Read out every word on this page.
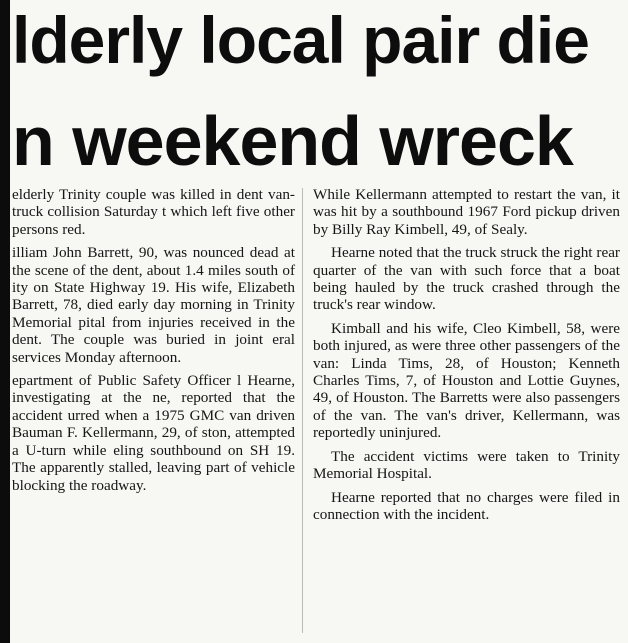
lderly local pair die
n weekend wreck

elderly Trinity couple was killed in dent van-truck collision Saturday t which left five other persons red.

illiam John Barrett, 90, was nounced dead at the scene of the dent, about 1.4 miles south of ity on State Highway 19. His wife, Elizabeth Barrett, 78, died early day morning in Trinity Memorial pital from injuries received in the dent. The couple was buried in joint eral services Monday afternoon.

epartment of Public Safety Officer l Hearne, investigating at the ne, reported that the accident urred when a 1975 GMC van driven Bauman F. Kellermann, 29, of ston, attempted a U-turn while eling southbound on SH 19. The apparently stalled, leaving part of vehicle blocking the roadway.

While Kellermann attempted to restart the van, it was hit by a southbound 1967 Ford pickup driven by Billy Ray Kimbell, 49, of Sealy.

Hearne noted that the truck struck the right rear quarter of the van with such force that a boat being hauled by the truck crashed through the truck's rear window.

Kimball and his wife, Cleo Kimbell, 58, were both injured, as were three other passengers of the van: Linda Tims, 28, of Houston; Kenneth Charles Tims, 7, of Houston and Lottie Guynes, 49, of Houston. The Barretts were also passengers of the van. The van's driver, Kellermann, was reportedly uninjured.

The accident victims were taken to Trinity Memorial Hospital.

Hearne reported that no charges were filed in connection with the incident.
